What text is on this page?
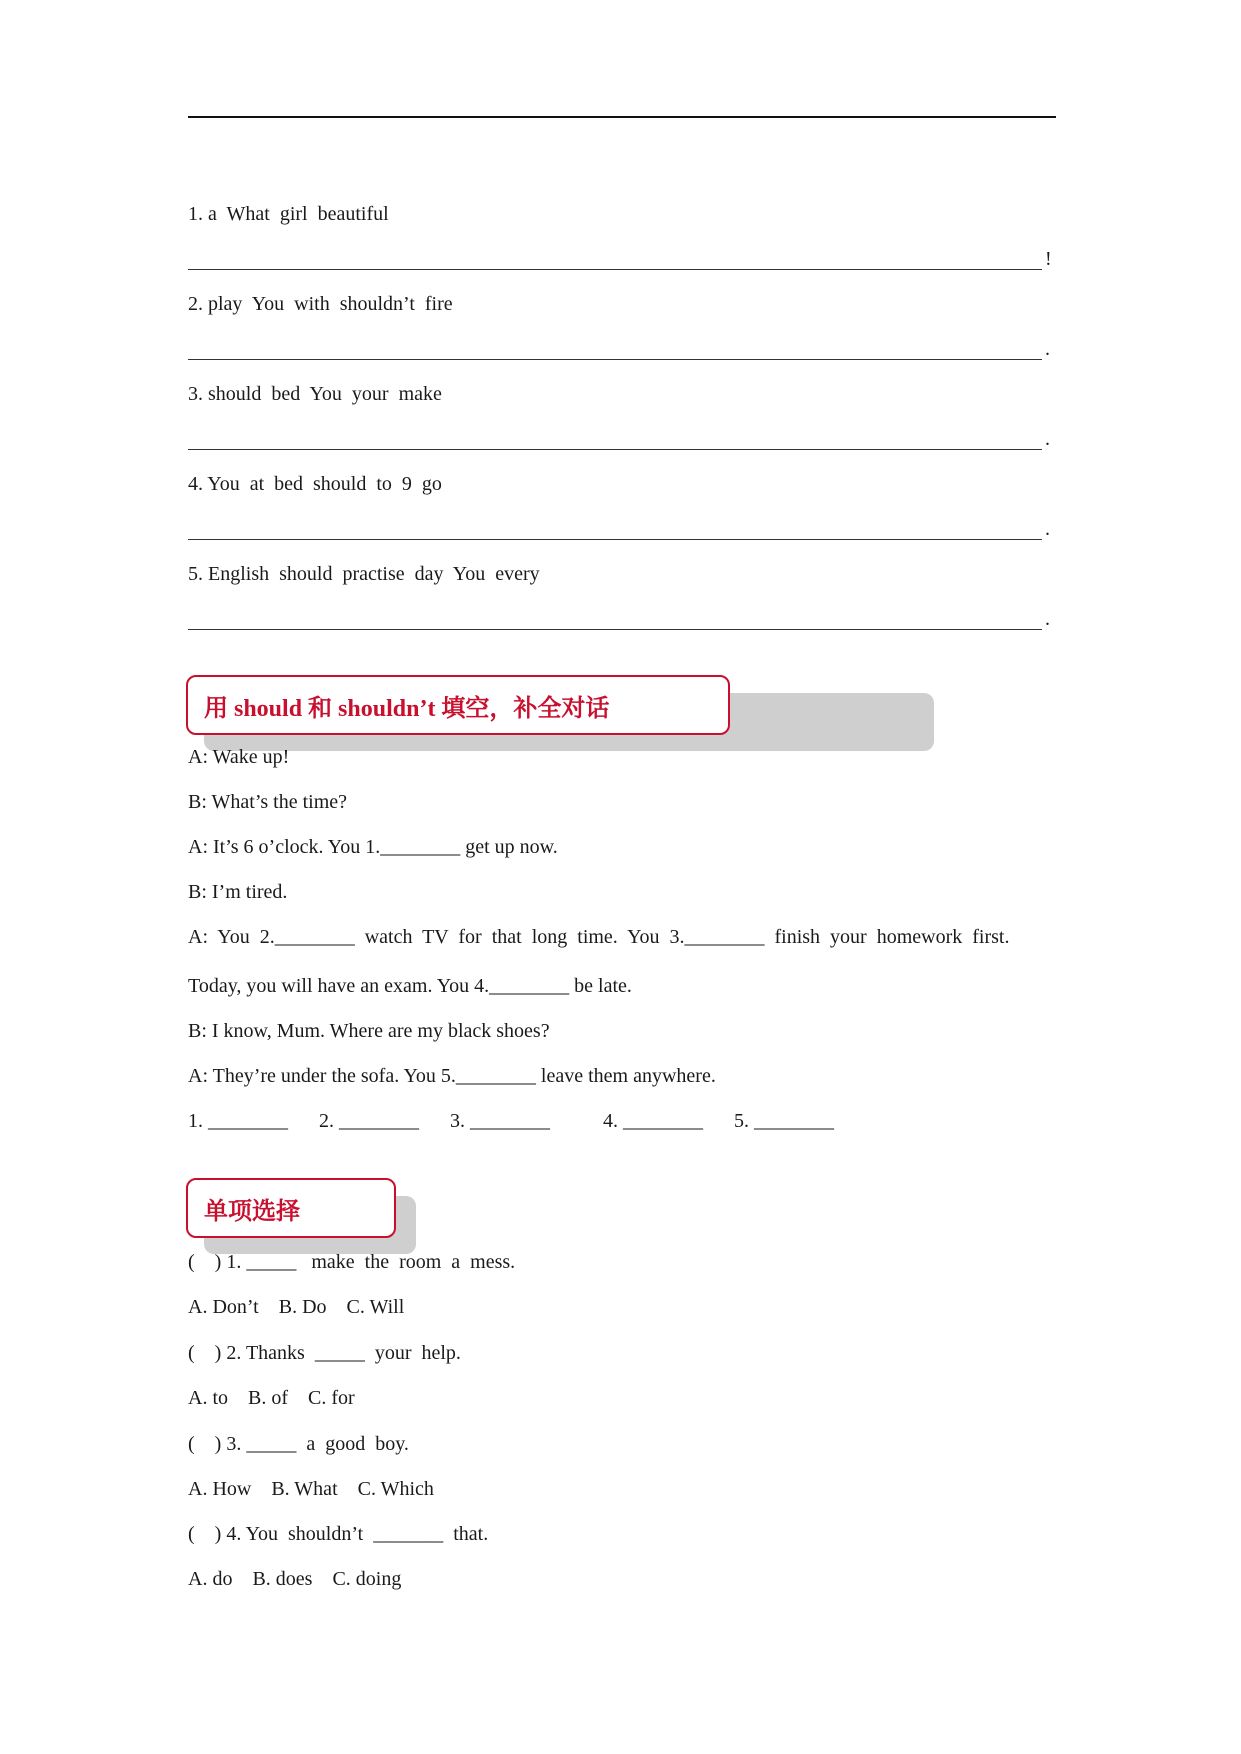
1. a  What  girl  beautiful
!
2. play  You  with  shouldn’t  fire
.
3. should  bed  You  your  make
.
4. You  at  bed  should  to  9  go
.
5. English  should  practise  day  You  every
.
用 should 和 shouldn’t 填空，补全对话
A: Wake up!
B: What’s the time?
A: It’s 6 o’clock. You 1.________ get up now.
B: I’m tired.
A:  You  2.________  watch  TV  for  that  long  time.  You  3.________  finish  your  homework  first.
Today, you will have an exam. You 4.________ be late.
B: I know, Mum. Where are my black shoes?
A: They’re under the sofa. You 5.________ leave them anywhere.
1. ________ 2. ________ 3. ________	4. ________ 5. ________
单项选择
(    ) 1. _____   make  the  room  a  mess.
A. Don’t    B. Do    C. Will
(    ) 2. Thanks  _____  your  help.
A. to    B. of    C. for
(    ) 3. _____  a  good  boy.
A. How    B. What    C. Which
(    ) 4. You  shouldn’t  _______  that.
A. do    B. does    C. doing
